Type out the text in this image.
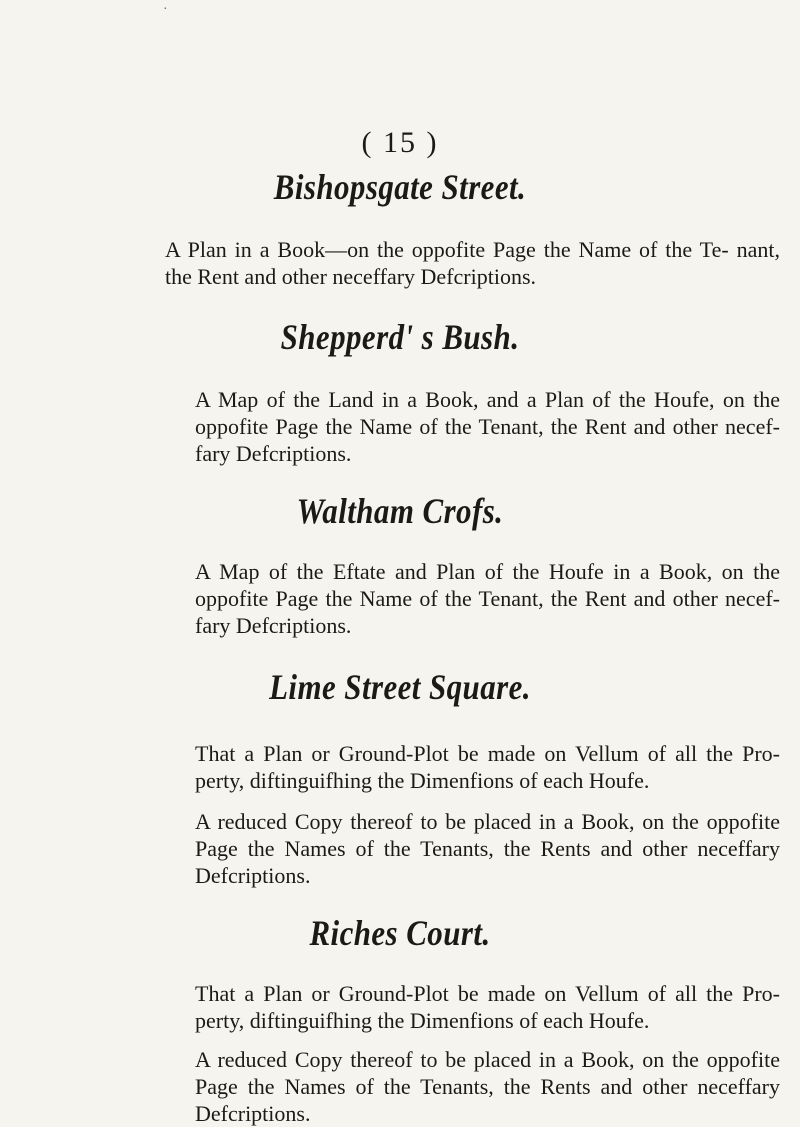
·
( 15 )
Bishopsgate Street.
A Plan in a Book—on the oppofite Page the Name of the Te- nant, the Rent and other neceffary Defcriptions.
Shepperd' s Bush.
A Map of the Land in a Book, and a Plan of the Houfe, on the oppofite Page the Name of the Tenant, the Rent and other necef- fary Defcriptions.
Waltham Crofs.
A Map of the Eftate and Plan of the Houfe in a Book, on the oppofite Page the Name of the Tenant, the Rent and other necef- fary Defcriptions.
Lime Street Square.
That a Plan or Ground-Plot be made on Vellum of all the Pro- perty, diftinguifhing the Dimenfions of each Houfe.
A reduced Copy thereof to be placed in a Book, on the oppofite Page the Names of the Tenants, the Rents and other neceffary Defcriptions.
Riches Court.
That a Plan or Ground-Plot be made on Vellum of all the Pro- perty, diftinguifhing the Dimenfions of each Houfe.
A reduced Copy thereof to be placed in a Book, on the oppofite Page the Names of the Tenants, the Rents and other neceffary Defcriptions.
